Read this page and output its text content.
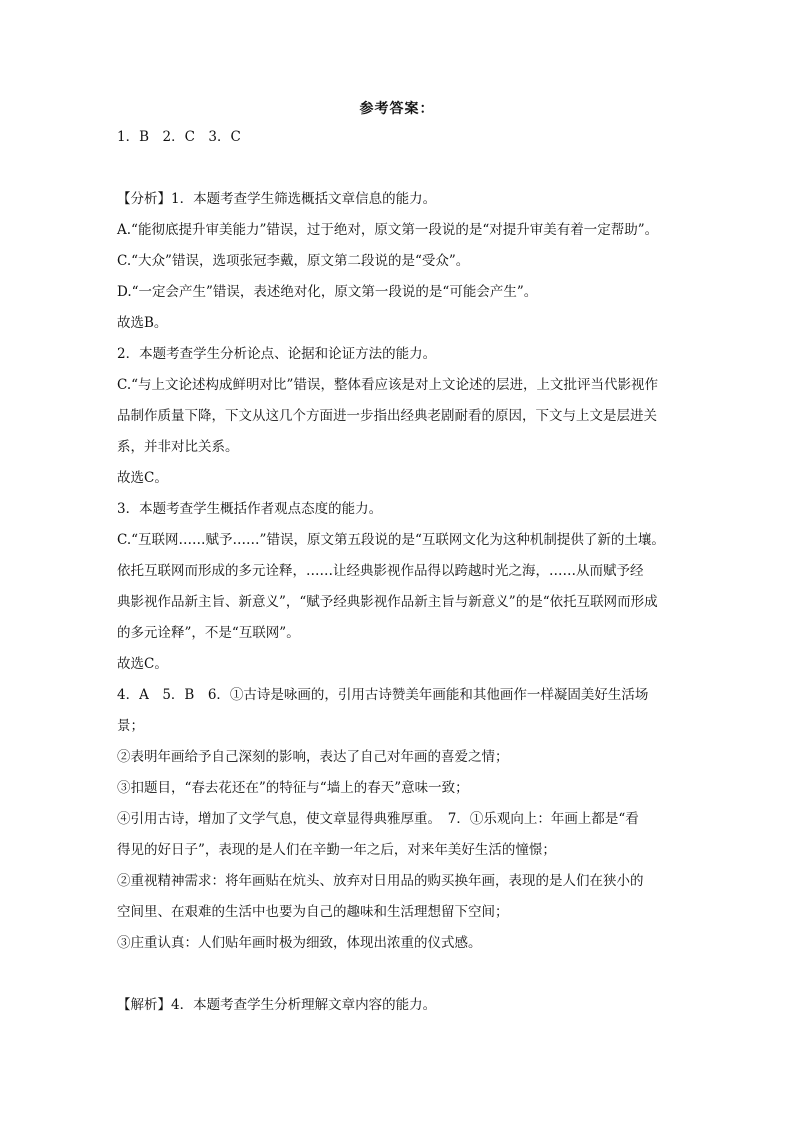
参考答案：
1．B　2．C　3．C
【分析】1．本题考查学生筛选概括文章信息的能力。
A.“能彻底提升审美能力”错误，过于绝对，原文第一段说的是“对提升审美有着一定帮助”。
C.“大众”错误，选项张冠李戴，原文第二段说的是“受众”。
D.“一定会产生”错误，表述绝对化，原文第一段说的是“可能会产生”。
故选B。
2．本题考查学生分析论点、论据和论证方法的能力。
C.“与上文论述构成鲜明对比”错误，整体看应该是对上文论述的层进，上文批评当代影视作
品制作质量下降，下文从这几个方面进一步指出经典老剧耐看的原因，下文与上文是层进关
系，并非对比关系。
故选C。
3．本题考查学生概括作者观点态度的能力。
C.“互联网……赋予……”错误，原文第五段说的是“互联网文化为这种机制提供了新的土壤。
依托互联网而形成的多元诠释，……让经典影视作品得以跨越时光之海，……从而赋予经
典影视作品新主旨、新意义”，“赋予经典影视作品新主旨与新意义”的是“依托互联网而形成
的多元诠释”，不是“互联网”。
故选C。
4．A　5．B　6．①古诗是咏画的，引用古诗赞美年画能和其他画作一样凝固美好生活场
景；
②表明年画给予自己深刻的影响，表达了自己对年画的喜爱之情；
③扣题目，“春去花还在”的特征与“墙上的春天”意味一致；
④引用古诗，增加了文学气息，使文章显得典雅厚重。　7．①乐观向上：年画上都是“看
得见的好日子”，表现的是人们在辛勤一年之后，对来年美好生活的憧憬；
②重视精神需求：将年画贴在炕头、放弃对日用品的购买换年画，表现的是人们在狭小的
空间里、在艰难的生活中也要为自己的趣味和生活理想留下空间；
③庄重认真：人们贴年画时极为细致，体现出浓重的仪式感。
【解析】4．本题考查学生分析理解文章内容的能力。
